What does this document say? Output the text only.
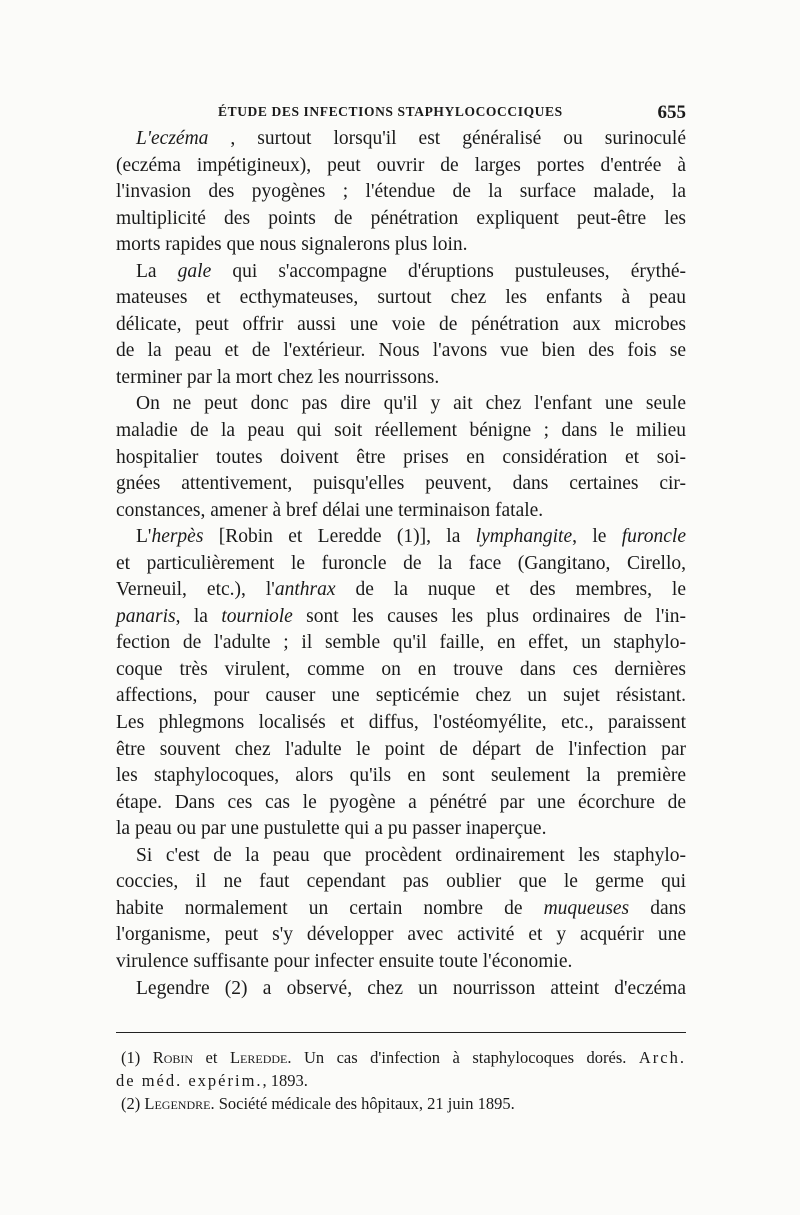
ÉTUDE DES INFECTIONS STAPHYLOCOCCIQUES	655
L'eczéma , surtout lorsqu'il est généralisé ou surinoculé
(eczéma impétigineux), peut ouvrir de larges portes d'entrée à
l'invasion des pyogènes ; l'étendue de la surface malade, la
multiplicité des points de pénétration expliquent peut-être les
morts rapides que nous signalerons plus loin.
La gale qui s'accompagne d'éruptions pustuleuses, érythé-
mateuses et ecthymateuses, surtout chez les enfants à peau
délicate, peut offrir aussi une voie de pénétration aux microbes
de la peau et de l'extérieur. Nous l'avons vue bien des fois se
terminer par la mort chez les nourrissons.
On ne peut donc pas dire qu'il y ait chez l'enfant une seule
maladie de la peau qui soit réellement bénigne ; dans le milieu
hospitalier toutes doivent être prises en considération et soi-
gnées attentivement, puisqu'elles peuvent, dans certaines cir-
constances, amener à bref délai une terminaison fatale.
L'herpès [Robin et Leredde (1)], la lymphangite, le furoncle
et particulièrement le furoncle de la face (Gangitano, Cirello,
Verneuil, etc.), l'anthrax de la nuque et des membres, le
panaris, la tourniole sont les causes les plus ordinaires de l'in-
fection de l'adulte ; il semble qu'il faille, en effet, un staphylo-
coque très virulent, comme on en trouve dans ces dernières
affections, pour causer une septicémie chez un sujet résistant.
Les phlegmons localisés et diffus, l'ostéomyélite, etc., paraissent
être souvent chez l'adulte le point de départ de l'infection par
les staphylocoques, alors qu'ils en sont seulement la première
étape. Dans ces cas le pyogène a pénétré par une écorchure de
la peau ou par une pustulette qui a pu passer inaperçue.
Si c'est de la peau que procèdent ordinairement les staphylo-
coccies, il ne faut cependant pas oublier que le germe qui
habite normalement un certain nombre de muqueuses dans
l'organisme, peut s'y développer avec activité et y acquérir une
virulence suffisante pour infecter ensuite toute l'économie.
Legendre (2) a observé, chez un nourrisson atteint d'eczéma
(1) Robin et Leredde. Un cas d'infection à staphylocoques dorés. Arch.
de méd. expérim., 1893.
(2) Legendre. Société médicale des hôpitaux, 21 juin 1895.
